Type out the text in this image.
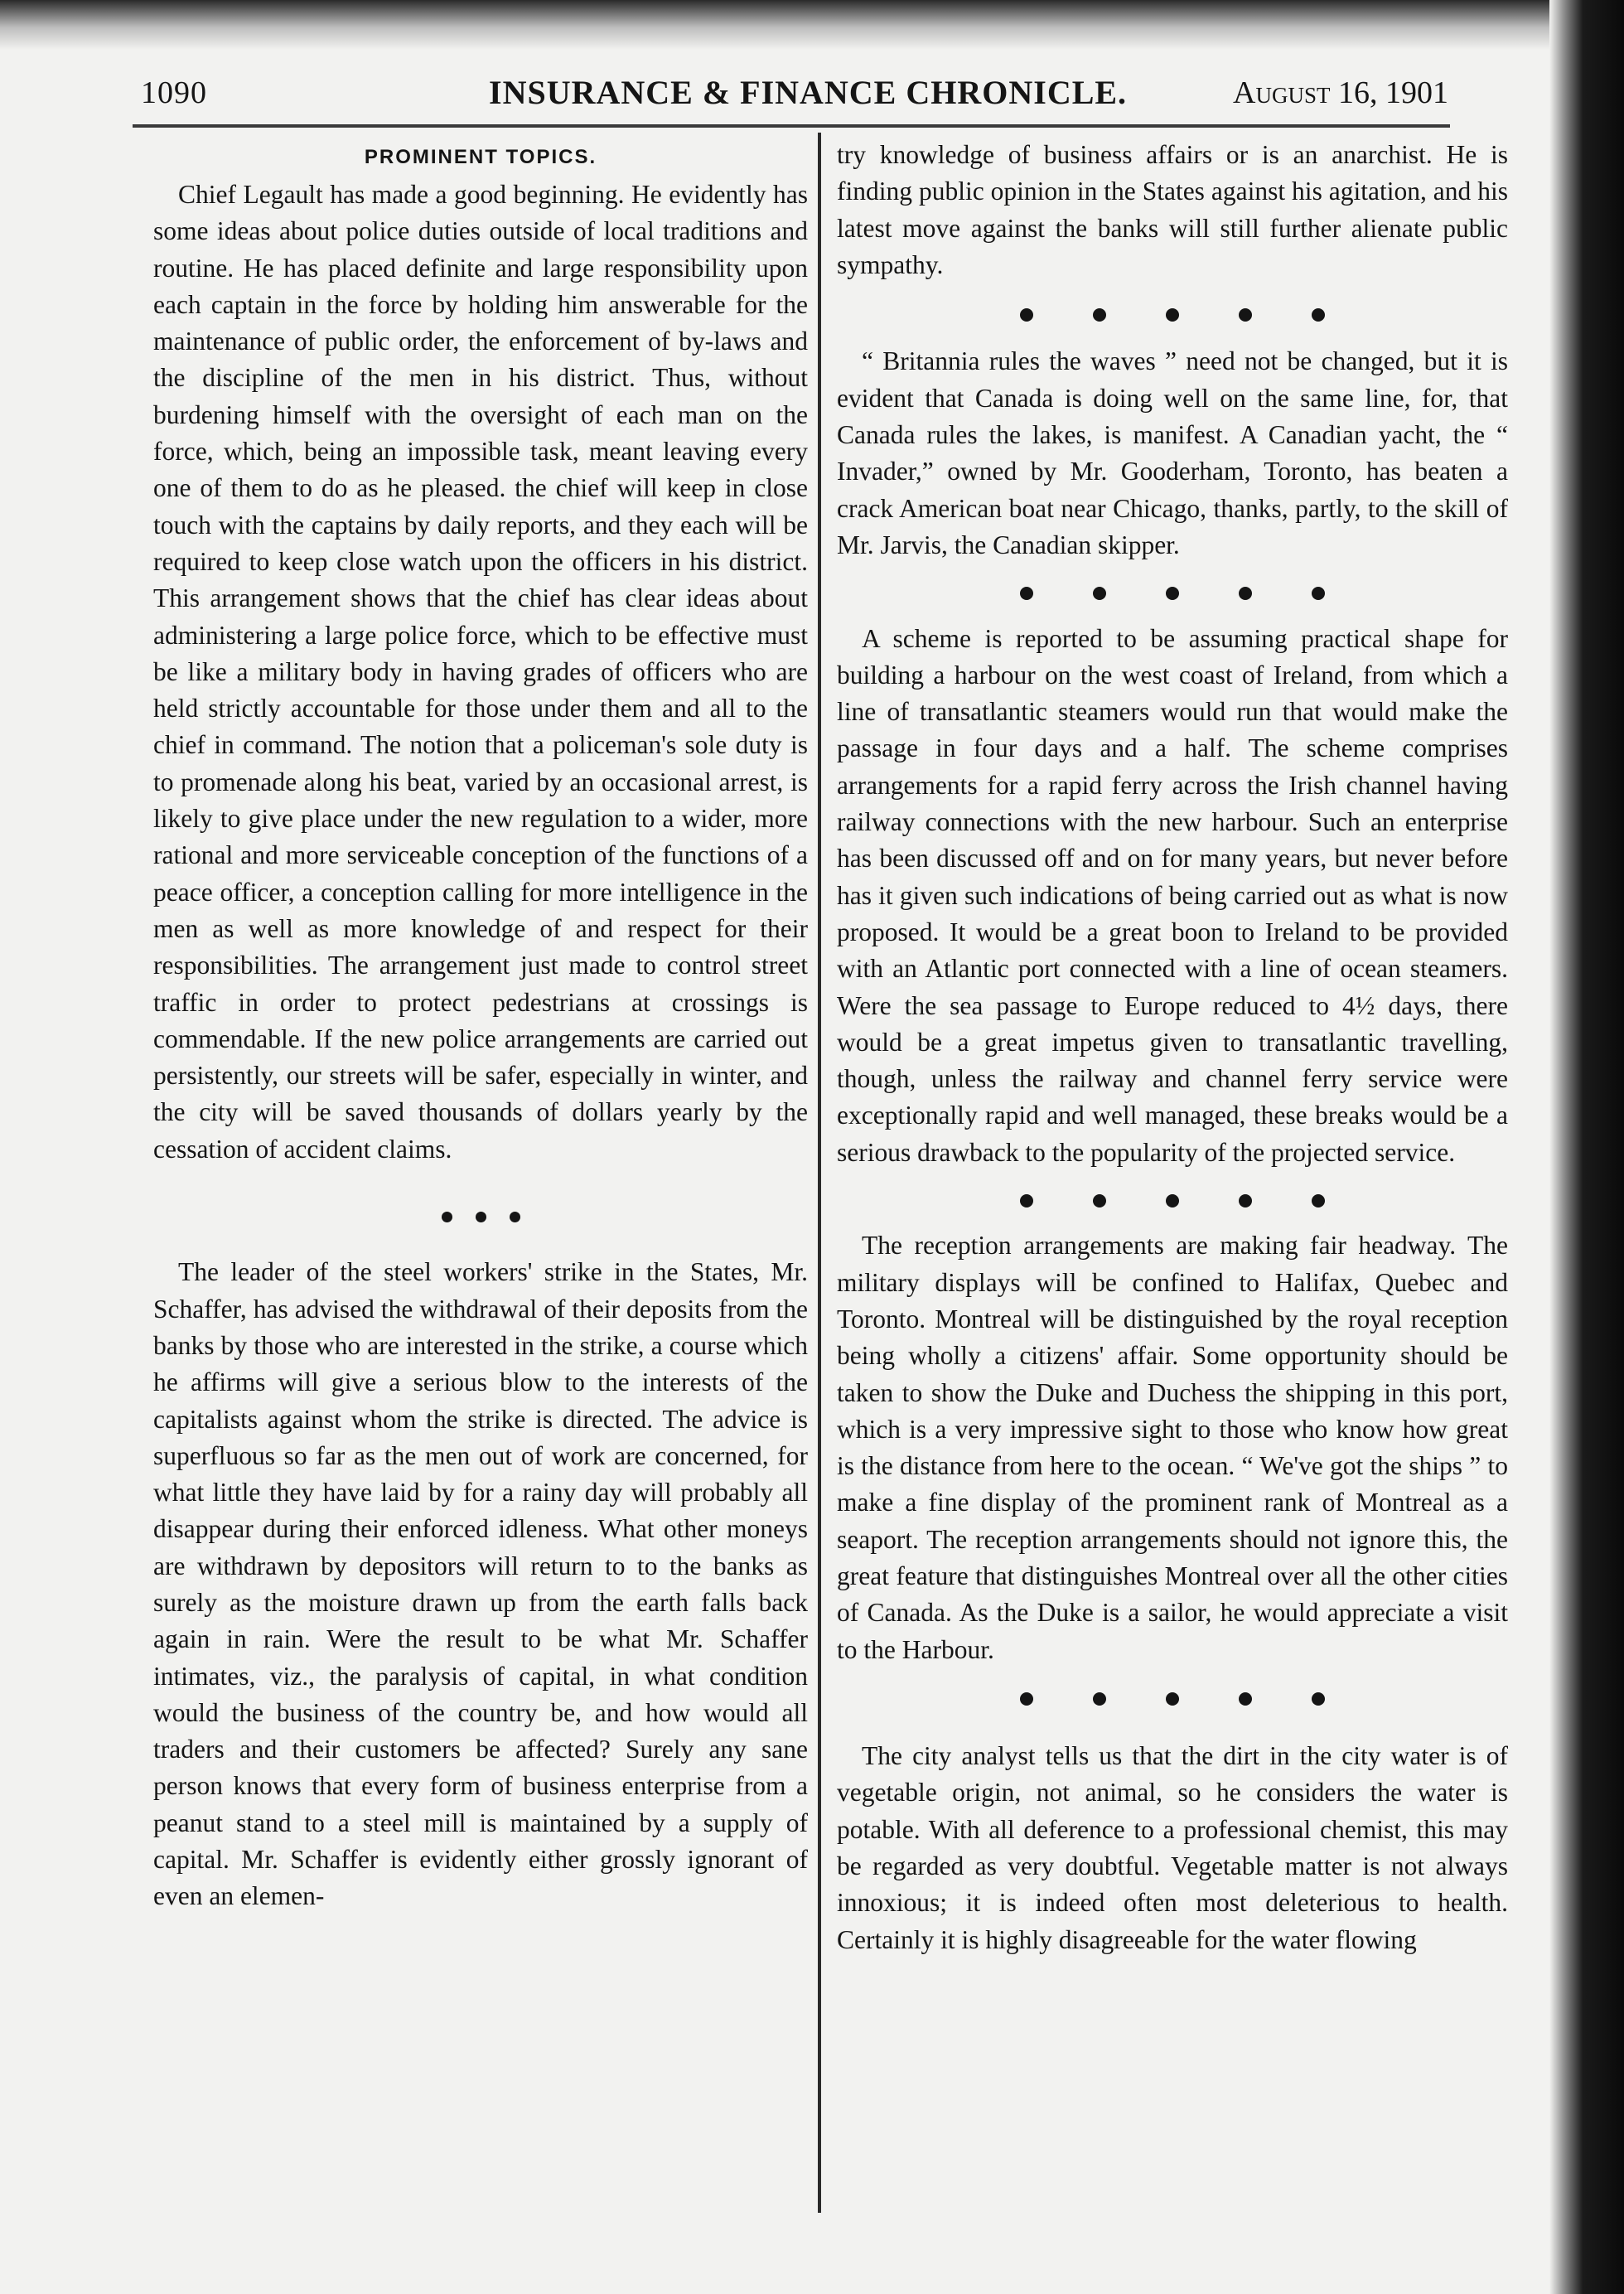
1090	INSURANCE & FINANCE CHRONICLE.	August 16, 1901
PROMINENT TOPICS.

Chief Legault has made a good beginning. He evidently has some ideas about police duties outside of local traditions and routine. He has placed definite and large responsibility upon each captain in the force by holding him answerable for the maintenance of public order, the enforcement of by-laws and the discipline of the men in his district. Thus, without burdening himself with the oversight of each man on the force, which, being an impossible task, meant leaving every one of them to do as he pleased. the chief will keep in close touch with the captains by daily reports, and they each will be required to keep close watch upon the officers in his district. This arrangement shows that the chief has clear ideas about administering a large police force, which to be effective must be like a military body in having grades of officers who are held strictly accountable for those under them and all to the chief in command. The notion that a policeman's sole duty is to promenade along his beat, varied by an occasional arrest, is likely to give place under the new regulation to a wider, more rational and more serviceable conception of the functions of a peace officer, a conception calling for more intelligence in the men as well as more knowledge of and respect for their responsibilities. The arrangement just made to control street traffic in order to protect pedestrians at crossings is commendable. If the new police arrangements are carried out persistently, our streets will be safer, especially in winter, and the city will be saved thousands of dollars yearly by the cessation of accident claims.

The leader of the steel workers' strike in the States, Mr. Schaffer, has advised the withdrawal of their deposits from the banks by those who are interested in the strike, a course which he affirms will give a serious blow to the interests of the capitalists against whom the strike is directed. The advice is superfluous so far as the men out of work are concerned, for what little they have laid by for a rainy day will probably all disappear during their enforced idleness. What other moneys are withdrawn by depositors will return to to the banks as surely as the moisture drawn up from the earth falls back again in rain. Were the result to be what Mr. Schaffer intimates, viz., the paralysis of capital, in what condition would the business of the country be, and how would all traders and their customers be affected? Surely any sane person knows that every form of business enterprise from a peanut stand to a steel mill is maintained by a supply of capital. Mr. Schaffer is evidently either grossly ignorant of even an elemen-

try knowledge of business affairs or is an anarchist. He is finding public opinion in the States against his agitation, and his latest move against the banks will still further alienate public sympathy.

“ Britannia rules the waves ” need not be changed, but it is evident that Canada is doing well on the same line, for, that Canada rules the lakes, is manifest. A Canadian yacht, the “ Invader,” owned by Mr. Gooderham, Toronto, has beaten a crack American boat near Chicago, thanks, partly, to the skill of Mr. Jarvis, the Canadian skipper.

A scheme is reported to be assuming practical shape for building a harbour on the west coast of Ireland, from which a line of transatlantic steamers would run that would make the passage in four days and a half. The scheme comprises arrangements for a rapid ferry across the Irish channel having railway connections with the new harbour. Such an enterprise has been discussed off and on for many years, but never before has it given such indications of being carried out as what is now proposed. It would be a great boon to Ireland to be provided with an Atlantic port connected with a line of ocean steamers. Were the sea passage to Europe reduced to 4½ days, there would be a great impetus given to transatlantic travelling, though, unless the railway and channel ferry service were exceptionally rapid and well managed, these breaks would be a serious drawback to the popularity of the projected service.

The reception arrangements are making fair headway. The military displays will be confined to Halifax, Quebec and Toronto. Montreal will be distinguished by the royal reception being wholly a citizens' affair. Some opportunity should be taken to show the Duke and Duchess the shipping in this port, which is a very impressive sight to those who know how great is the distance from here to the ocean. “ We've got the ships ” to make a fine display of the prominent rank of Montreal as a seaport. The reception arrangements should not ignore this, the great feature that distinguishes Montreal over all the other cities of Canada. As the Duke is a sailor, he would appreciate a visit to the Harbour.

The city analyst tells us that the dirt in the city water is of vegetable origin, not animal, so he considers the water is potable. With all deference to a professional chemist, this may be regarded as very doubtful. Vegetable matter is not always innoxious; it is indeed often most deleterious to health. Certainly it is highly disagreeable for the water flowing
